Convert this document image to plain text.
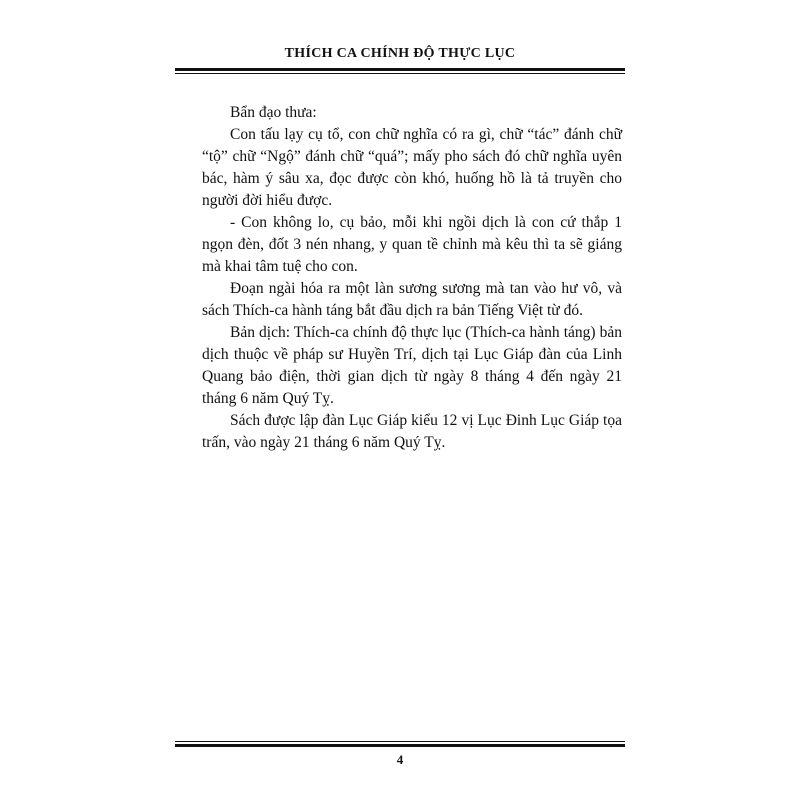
THÍCH CA CHÍNH ĐỘ THỰC LỤC

Bẩn đạo thưa:

Con tấu lạy cụ tổ, con chữ nghĩa có ra gì, chữ “tác” đánh chữ “tộ” chữ “Ngộ” đánh chữ “quá”; mấy pho sách đó chữ nghĩa uyên bác, hàm ý sâu xa, đọc được còn khó, huống hồ là tả truyền cho người đời hiểu được.

- Con không lo, cụ bảo, mỗi khi ngồi dịch là con cứ thắp 1 ngọn đèn, đốt 3 nén nhang, y quan tề chỉnh mà kêu thì ta sẽ giáng mà khai tâm tuệ cho con.

Đoạn ngài hóa ra một làn sương sương mà tan vào hư vô, và sách Thích-ca hành táng bắt đầu dịch ra bản Tiếng Việt từ đó.

Bản dịch: Thích-ca chính độ thực lục (Thích-ca hành táng) bản dịch thuộc về pháp sư Huyền Trí, dịch tại Lục Giáp đàn của Linh Quang bảo điện, thời gian dịch từ ngày 8 tháng 4 đến ngày 21 tháng 6 năm Quý Tỵ.

Sách được lập đàn Lục Giáp kiểu 12 vị Lục Đinh Lục Giáp tọa trấn, vào ngày 21 tháng 6 năm Quý Tỵ.

4
